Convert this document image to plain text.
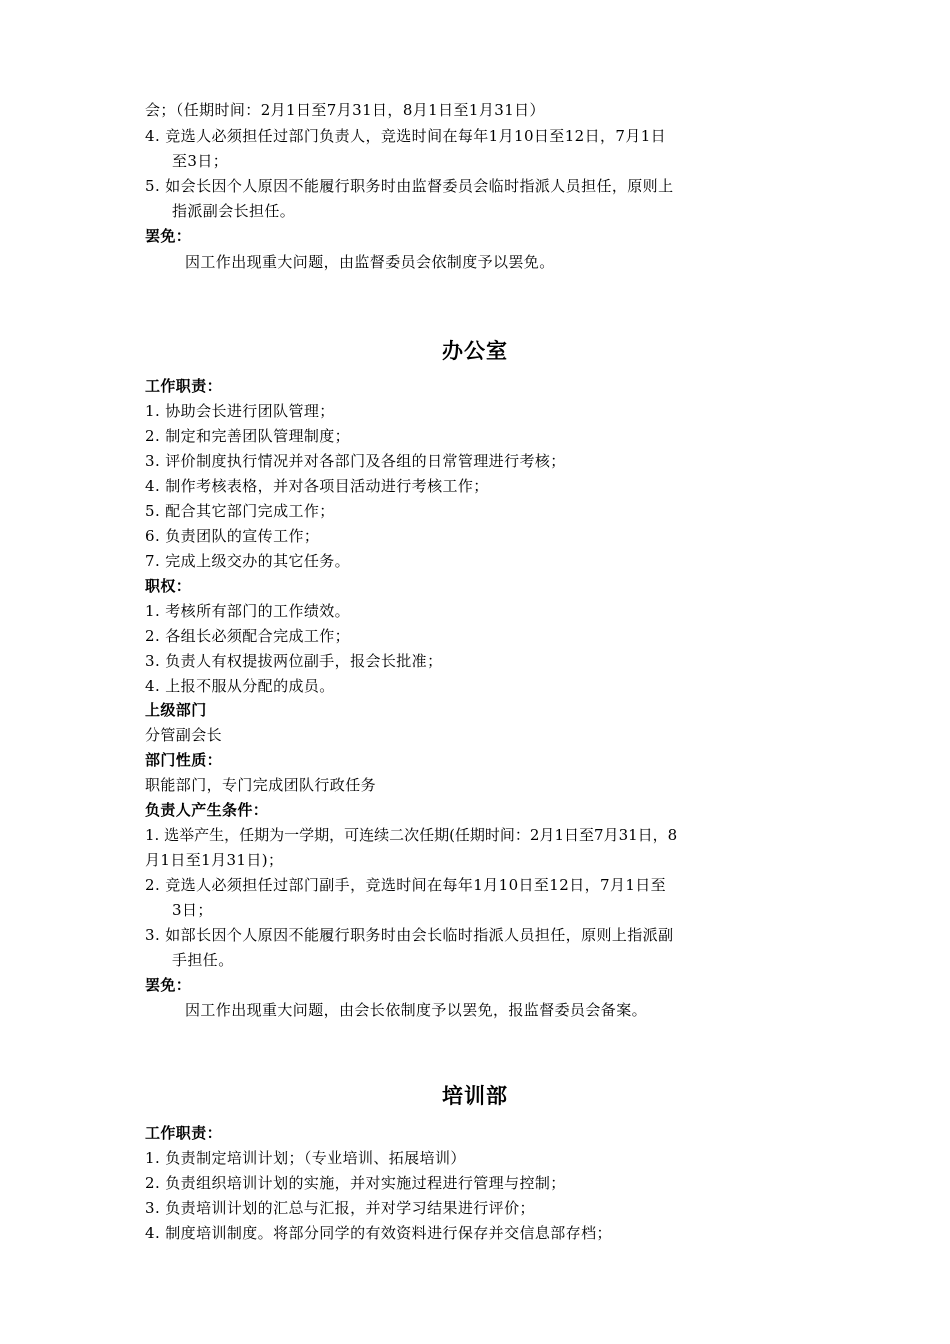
会；（任期时间：2月1日至7月31日，8月1日至1月31日）
4. 竞选人必须担任过部门负责人，竞选时间在每年1月10日至12日，7月1日
至3日；
5. 如会长因个人原因不能履行职务时由监督委员会临时指派人员担任，原则上
指派副会长担任。
罢免：
因工作出现重大问题，由监督委员会依制度予以罢免。
办公室
工作职责：
1. 协助会长进行团队管理；
2. 制定和完善团队管理制度；
3. 评价制度执行情况并对各部门及各组的日常管理进行考核；
4. 制作考核表格，并对各项目活动进行考核工作；
5. 配合其它部门完成工作；
6. 负责团队的宣传工作；
7. 完成上级交办的其它任务。
职权：
1. 考核所有部门的工作绩效。
2. 各组长必须配合完成工作；
3. 负责人有权提拔两位副手，报会长批准；
4. 上报不服从分配的成员。
上级部门
分管副会长
部门性质：
职能部门，专门完成团队行政任务
负责人产生条件：
1. 选举产生，任期为一学期，可连续二次任期(任期时间：2月1日至7月31日，8
月1日至1月31日)；
2. 竞选人必须担任过部门副手，竞选时间在每年1月10日至12日，7月1日至
3日；
3. 如部长因个人原因不能履行职务时由会长临时指派人员担任，原则上指派副
手担任。
罢免：
因工作出现重大问题，由会长依制度予以罢免，报监督委员会备案。
培训部
工作职责：
1. 负责制定培训计划；（专业培训、拓展培训）
2. 负责组织培训计划的实施，并对实施过程进行管理与控制；
3. 负责培训计划的汇总与汇报，并对学习结果进行评价；
4. 制度培训制度。将部分同学的有效资料进行保存并交信息部存档；
